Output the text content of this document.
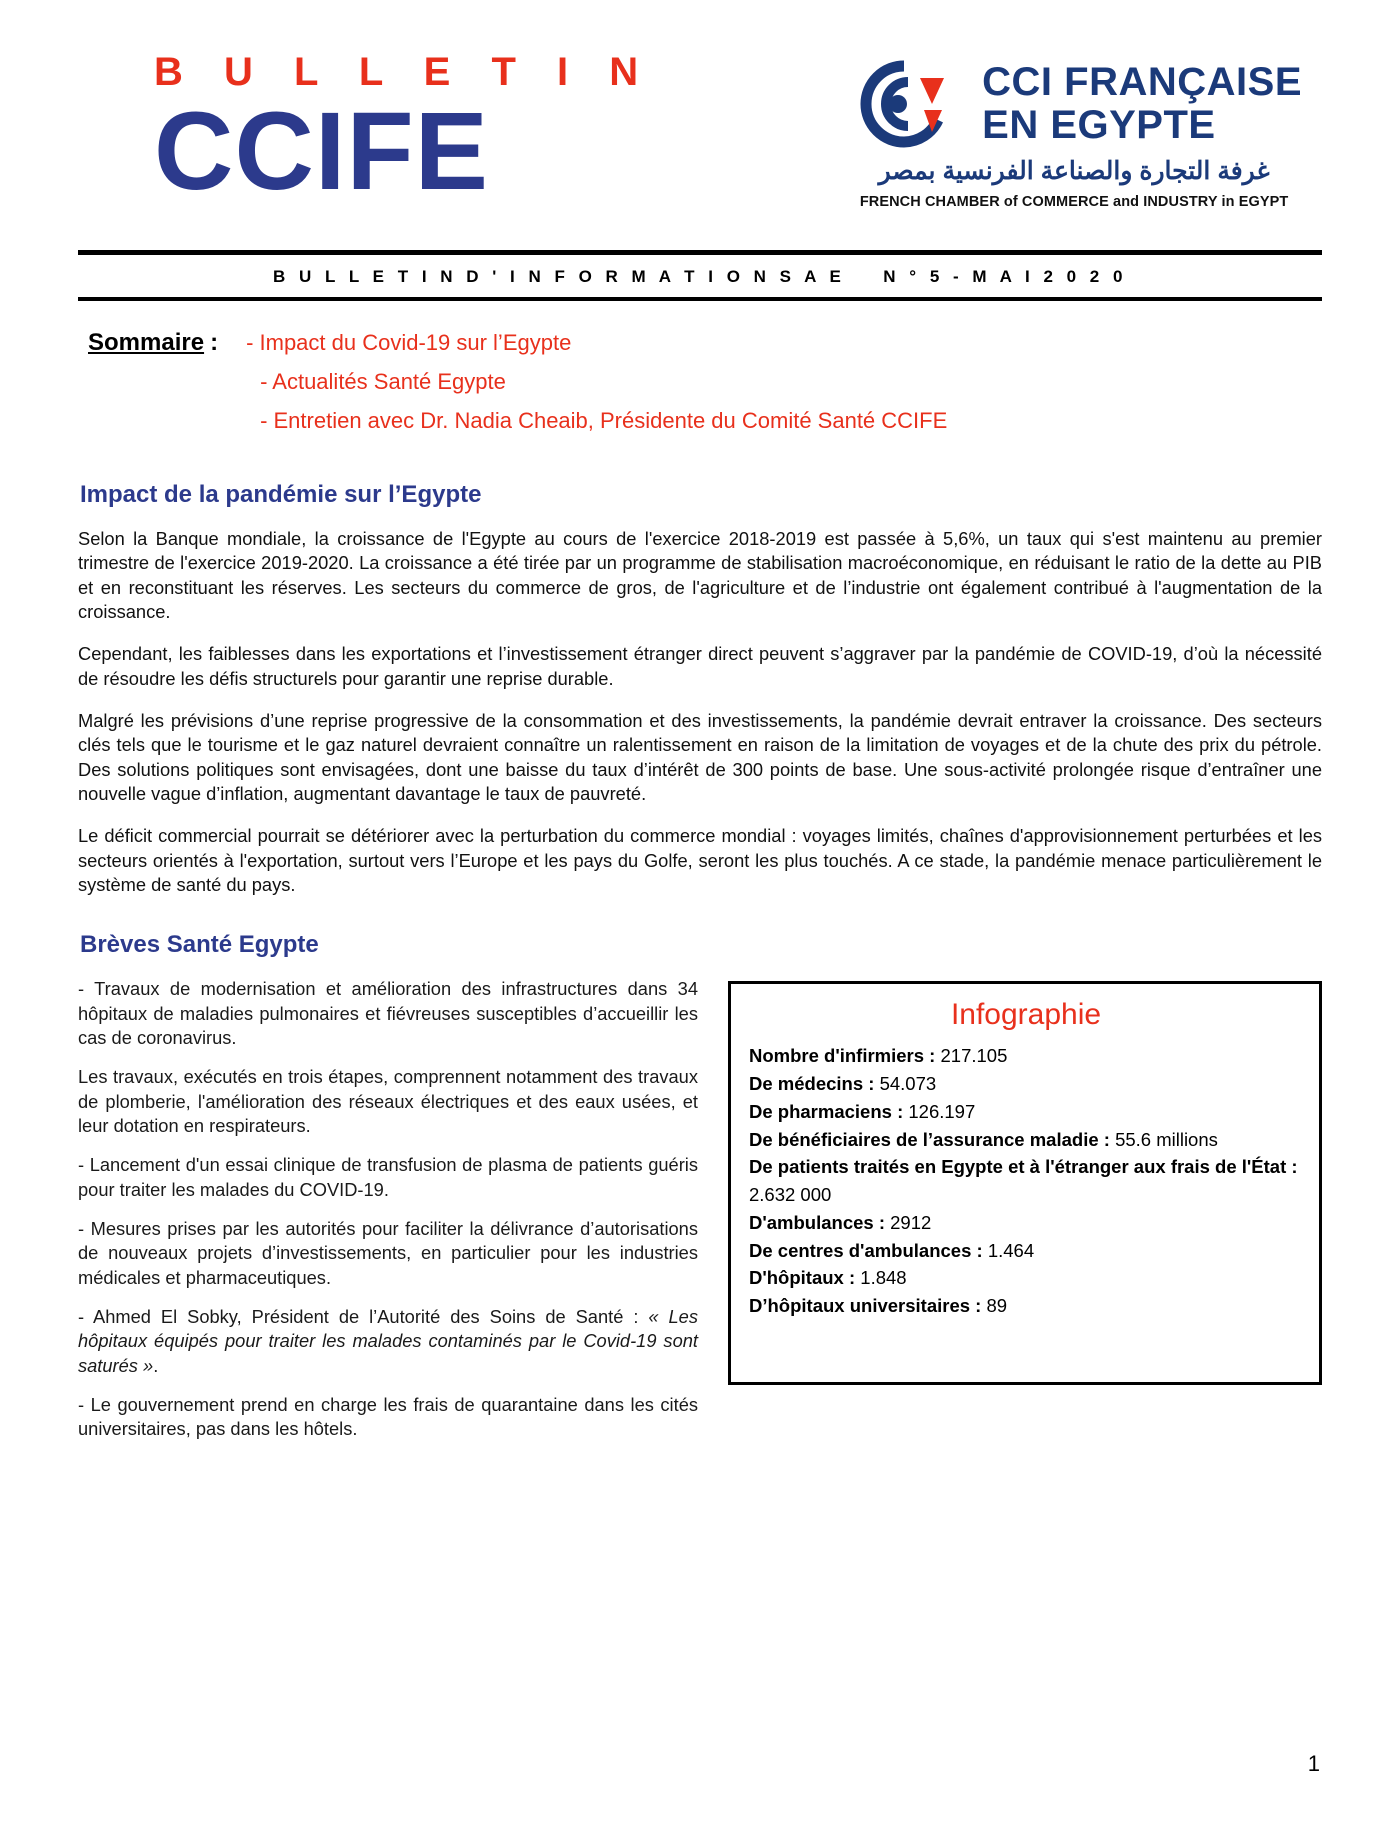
B U L L E T I N
CCIFE
CCI FRANÇAISE
EN EGYPTE
غرفة التجارة والصناعة الفرنسية بمصر
FRENCH CHAMBER of COMMERCE and INDUSTRY in EGYPT
B U L L E T I N D ' I N F O R M A T I O N S A E N ° 5 - M A I 2 0 2 0
Sommaire : - Impact du Covid-19 sur l’Egypte
- Actualités Santé Egypte
- Entretien avec Dr. Nadia Cheaib, Présidente du Comité Santé CCIFE
Impact de la pandémie sur l’Egypte

Selon la Banque mondiale, la croissance de l'Egypte au cours de l'exercice 2018-2019 est passée à 5,6%, un taux qui s'est maintenu au premier trimestre de l'exercice 2019-2020. La croissance a été tirée par un programme de stabilisation macroéconomique, en réduisant le ratio de la dette au PIB et en reconstituant les réserves. Les secteurs du commerce de gros, de l'agriculture et de l’industrie ont également contribué à l'augmentation de la croissance.

Cependant, les faiblesses dans les exportations et l’investissement étranger direct peuvent s’aggraver par la pandémie de COVID-19, d’où la nécessité de résoudre les défis structurels pour garantir une reprise durable.

Malgré les prévisions d’une reprise progressive de la consommation et des investissements, la pandémie devrait entraver la croissance. Des secteurs clés tels que le tourisme et le gaz naturel devraient connaître un ralentissement en raison de la limitation de voyages et de la chute des prix du pétrole. Des solutions politiques sont envisagées, dont une baisse du taux d’intérêt de 300 points de base. Une sous-activité prolongée risque d’entraîner une nouvelle vague d’inflation, augmentant davantage le taux de pauvreté.

Le déficit commercial pourrait se détériorer avec la perturbation du commerce mondial : voyages limités, chaînes d'approvisionnement perturbées et les secteurs orientés à l'exportation, surtout vers l’Europe et les pays du Golfe, seront les plus touchés. A ce stade, la pandémie menace particulièrement le système de santé du pays.

Brèves Santé Egypte

- Travaux de modernisation et amélioration des infrastructures dans 34 hôpitaux de maladies pulmonaires et fiévreuses susceptibles d’accueillir les cas de coronavirus.

Les travaux, exécutés en trois étapes, comprennent notamment des travaux de plomberie, l'amélioration des réseaux électriques et des eaux usées, et leur dotation en respirateurs.

- Lancement d'un essai clinique de transfusion de plasma de patients guéris pour traiter les malades du COVID-19.

- Mesures prises par les autorités pour faciliter la délivrance d’autorisations de nouveaux projets d’investissements, en particulier pour les industries médicales et pharmaceutiques.

- Ahmed El Sobky, Président de l’Autorité des Soins de Santé : « Les hôpitaux équipés pour traiter les malades contaminés par le Covid-19 sont saturés ».

- Le gouvernement prend en charge les frais de quarantaine dans les cités universitaires, pas dans les hôtels.

Infographie
Nombre d'infirmiers : 217.105
De médecins : 54.073
De pharmaciens : 126.197
De bénéficiaires de l’assurance maladie : 55.6 millions
De patients traités en Egypte et à l'étranger aux frais de l'État : 2.632 000
D'ambulances : 2912
De centres d'ambulances : 1.464
D'hôpitaux : 1.848
D’hôpitaux universitaires : 89
1
